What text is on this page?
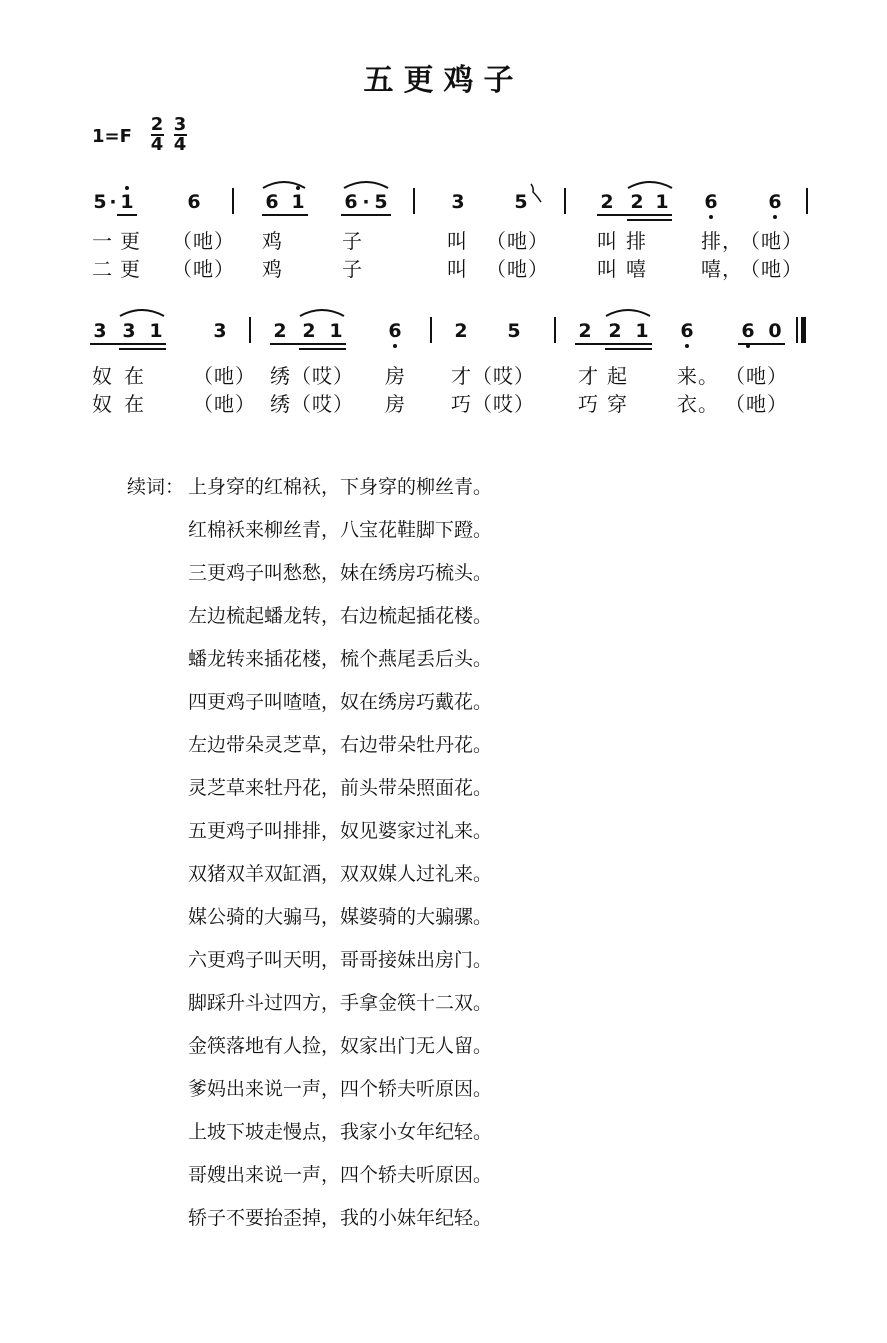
五更鸡子
1=F
2
4
3
4
5 · 1	6	6 1 6 · 5	3	5	2 2 1 6	6
一 更 （吔） 鸡	子	叫 （吔） 叫 排	排，
（吔）
二 更 （吔） 鸡	子	叫 （吔） 叫 嘻	嘻，
（吔）
3 3 1	3 2 2 1 6	2 5	2 2 1 6	6 0
奴 在 （吔） 绣（哎） 房 才（哎） 才 起 来。 （吔）
奴 在 （吔） 绣（哎） 房 巧（哎） 巧 穿 衣。 （吔）
续词： 上身穿的红棉袄，下身穿的柳丝青。
红棉袄来柳丝青，八宝花鞋脚下蹬。
三更鸡子叫愁愁，妹在绣房巧梳头。
左边梳起蟠龙转，右边梳起插花楼。
蟠龙转来插花楼，梳个燕尾丢后头。
四更鸡子叫喳喳，奴在绣房巧戴花。
左边带朵灵芝草，右边带朵牡丹花。
灵芝草来牡丹花，前头带朵照面花。
五更鸡子叫排排，奴见婆家过礼来。
双猪双羊双缸酒，双双媒人过礼来。
媒公骑的大骟马，媒婆骑的大骟骡。
六更鸡子叫天明，哥哥接妹出房门。
脚踩升斗过四方，手拿金筷十二双。
金筷落地有人捡，奴家出门无人留。
爹妈出来说一声，四个轿夫听原因。
上坡下坡走慢点，我家小女年纪轻。
哥嫂出来说一声，四个轿夫听原因。
轿子不要抬歪掉，我的小妹年纪轻。
